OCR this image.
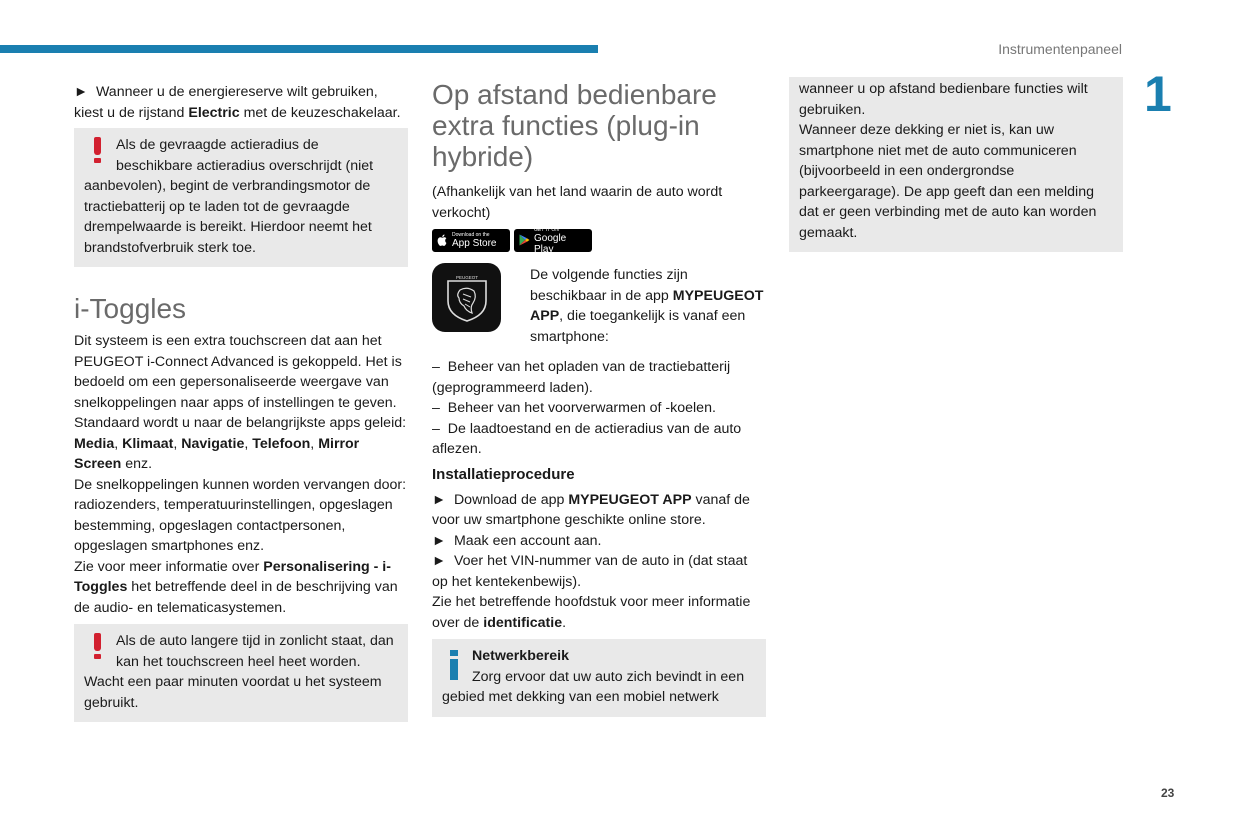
Instrumentenpaneel
1
23

►  Wanneer u de energiereserve wilt gebruiken, kiest u de rijstand Electric met de keuzeschakelaar.

Als de gevraagde actieradius de beschikbare actieradius overschrijdt (niet aanbevolen), begint de verbrandingsmotor de tractiebatterij op te laden tot de gevraagde drempelwaarde is bereikt. Hierdoor neemt het brandstofverbruik sterk toe.
i-Toggles

Dit systeem is een extra touchscreen dat aan het PEUGEOT i-Connect Advanced is gekoppeld. Het is bedoeld om een gepersonaliseerde weergave van snelkoppelingen naar apps of instellingen te geven.

Standaard wordt u naar de belangrijkste apps geleid: Media, Klimaat, Navigatie, Telefoon, Mirror Screen enz.

De snelkoppelingen kunnen worden vervangen door: radiozenders, temperatuurinstellingen, opgeslagen bestemming, opgeslagen contactpersonen, opgeslagen smartphones enz.

Zie voor meer informatie over Personalisering - i-Toggles het betreffende deel in de beschrijving van de audio- en telematicasystemen.

Als de auto langere tijd in zonlicht staat, dan kan het touchscreen heel heet worden. Wacht een paar minuten voordat u het systeem gebruikt.
Op afstand bedienbare extra functies (plug-in hybride)

(Afhankelijk van het land waarin de auto wordt verkocht)

Download on the
App Store
GET IT ON
Google Play
PEUGEOT	De volgende functies zijn beschikbaar in de app MYPEUGEOT APP, die toegankelijk is vanaf een smartphone:

–  Beheer van het opladen van de tractiebatterij (geprogrammeerd laden).

–  Beheer van het voorverwarmen of -koelen.

–  De laadtoestand en de actieradius van de auto aflezen.

Installatieprocedure

►  Download de app MYPEUGEOT APP vanaf de voor uw smartphone geschikte online store.

►  Maak een account aan.

►  Voer het VIN-nummer van de auto in (dat staat op het kentekenbewijs).

Zie het betreffende hoofdstuk voor meer informatie over de identificatie.

Netwerkbereik
Zorg ervoor dat uw auto zich bevindt in een gebied met dekking van een mobiel netwerk

wanneer u op afstand bedienbare functies wilt gebruiken.

Wanneer deze dekking er niet is, kan uw smartphone niet met de auto communiceren (bijvoorbeeld in een ondergrondse parkeergarage). De app geeft dan een melding dat er geen verbinding met de auto kan worden gemaakt.
